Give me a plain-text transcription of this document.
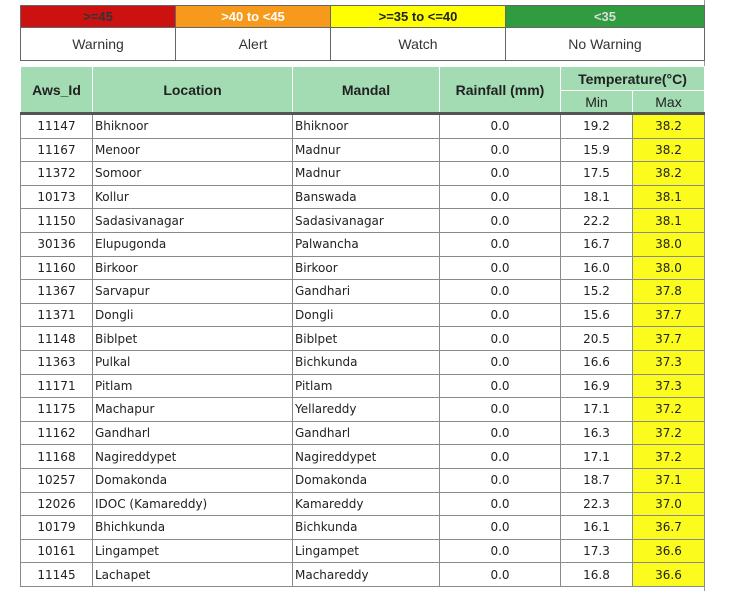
>=45	>40 to <45	>=35 to <=40	<35
Warning	Alert	Watch	No Warning
Aws_Id	Location	Mandal	Rainfall (mm)	Temperature(°C)	
				Min	Max
11147	Bhiknoor	Bhiknoor	0.0	19.2	38.2
11167	Menoor	Madnur	0.0	15.9	38.2
11372	Somoor	Madnur	0.0	17.5	38.2
10173	Kollur	Banswada	0.0	18.1	38.1
11150	Sadasivanagar	Sadasivanagar	0.0	22.2	38.1
30136	Elupugonda	Palwancha	0.0	16.7	38.0
11160	Birkoor	Birkoor	0.0	16.0	38.0
11367	Sarvapur	Gandhari	0.0	15.2	37.8
11371	Dongli	Dongli	0.0	15.6	37.7
11148	Biblpet	Biblpet	0.0	20.5	37.7
11363	Pulkal	Bichkunda	0.0	16.6	37.3
11171	Pitlam	Pitlam	0.0	16.9	37.3
11175	Machapur	Yellareddy	0.0	17.1	37.2
11162	Gandharl	Gandharl	0.0	16.3	37.2
11168	Nagireddypet	Nagireddypet	0.0	17.1	37.2
10257	Domakonda	Domakonda	0.0	18.7	37.1
12026	IDOC (Kamareddy)	Kamareddy	0.0	22.3	37.0
10179	Bhichkunda	Bichkunda	0.0	16.1	36.7
10161	Lingampet	Lingampet	0.0	17.3	36.6
11145	Lachapet	Machareddy	0.0	16.8	36.6
